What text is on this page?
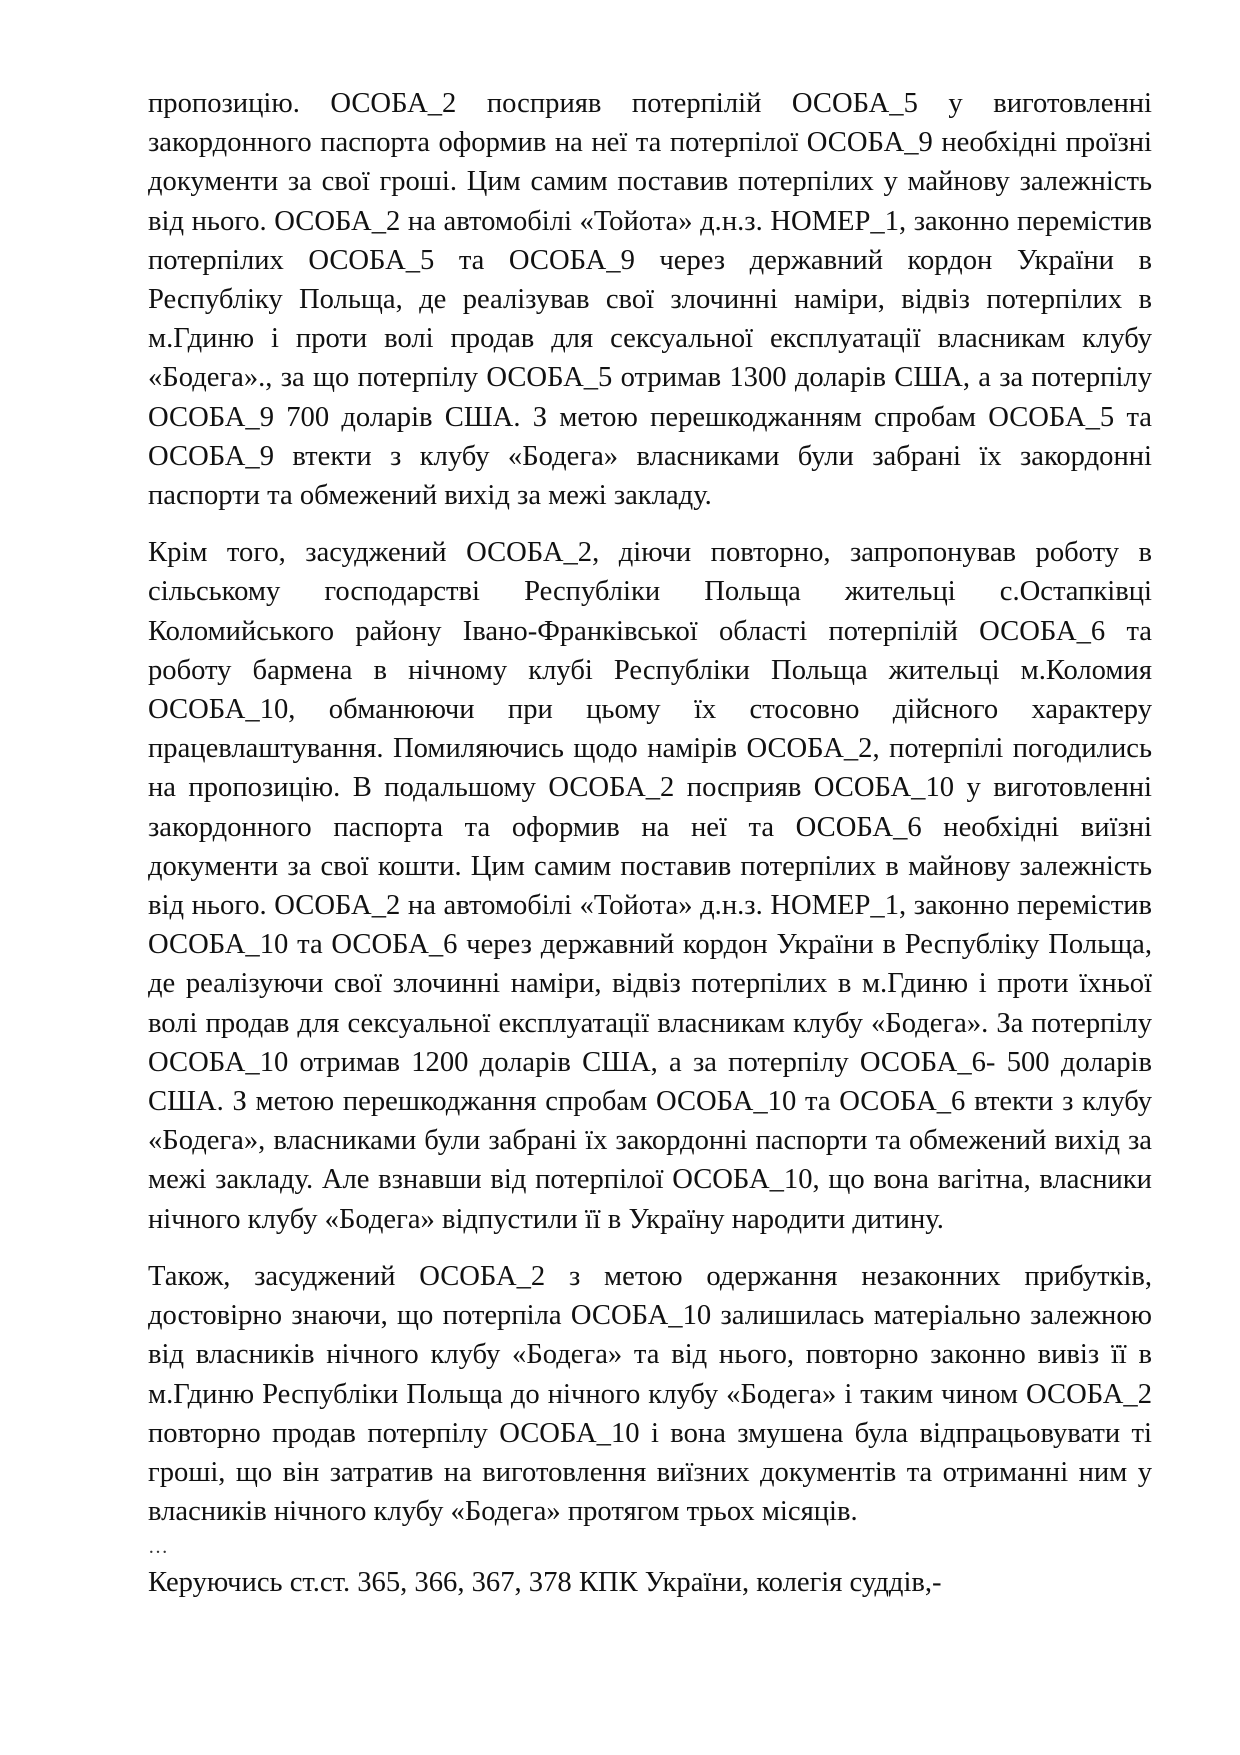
пропозицію. ОСОБА_2 посприяв потерпілій ОСОБА_5 у виготовленні закордонного паспорта оформив на неї та потерпілої ОСОБА_9 необхідні проїзні документи за свої гроші. Цим самим поставив потерпілих у майнову залежність від нього. ОСОБА_2 на автомобілі «Тойота» д.н.з. НОМЕР_1, законно перемістив потерпілих ОСОБА_5 та ОСОБА_9 через державний кордон України в Республіку Польща, де реалізував свої злочинні наміри, відвіз потерпілих в м.Гдиню і проти волі продав для сексуальної експлуатації власникам клубу «Бодега»., за що потерпілу ОСОБА_5 отримав 1300 доларів США, а за потерпілу ОСОБА_9 700 доларів США. З метою перешкоджанням спробам ОСОБА_5 та ОСОБА_9 втекти з клубу «Бодега» власниками були забрані їх закордонні паспорти та обмежений вихід за межі закладу.

Крім того, засуджений ОСОБА_2, діючи повторно, запропонував роботу в сільському господарстві Республіки Польща жительці с.Остапківці Коломийського району Івано-Франківської області потерпілій ОСОБА_6 та роботу бармена в нічному клубі Республіки Польща жительці м.Коломия ОСОБА_10, обманюючи при цьому їх стосовно дійсного характеру працевлаштування. Помиляючись щодо намірів ОСОБА_2, потерпілі погодились на пропозицію. В подальшому ОСОБА_2 посприяв ОСОБА_10 у виготовленні закордонного паспорта та оформив на неї та ОСОБА_6 необхідні виїзні документи за свої кошти. Цим самим поставив потерпілих в майнову залежність від нього. ОСОБА_2 на автомобілі «Тойота» д.н.з. НОМЕР_1, законно перемістив ОСОБА_10 та ОСОБА_6 через державний кордон України в Республіку Польща, де реалізуючи свої злочинні наміри, відвіз потерпілих в м.Гдиню і проти їхньої волі продав для сексуальної експлуатації власникам клубу «Бодега». За потерпілу ОСОБА_10 отримав 1200 доларів США, а за потерпілу ОСОБА_6- 500 доларів США. З метою перешкоджання спробам ОСОБА_10 та ОСОБА_6 втекти з клубу «Бодега», власниками були забрані їх закордонні паспорти та обмежений вихід за межі закладу. Але взнавши від потерпілої ОСОБА_10, що вона вагітна, власники нічного клубу «Бодега» відпустили її в Україну народити дитину.

Також, засуджений ОСОБА_2 з метою одержання незаконних прибутків, достовірно знаючи, що потерпіла ОСОБА_10 залишилась матеріально залежною від власників нічного клубу «Бодега» та від нього, повторно законно вивіз її в м.Гдиню Республіки Польща до нічного клубу «Бодега» і таким чином ОСОБА_2 повторно продав потерпілу ОСОБА_10 і вона змушена була відпрацьовувати ті гроші, що він затратив на виготовлення виїзних документів та отриманні ним у власників нічного клубу «Бодега» протягом трьох місяців.

…

Керуючись ст.ст. 365, 366, 367, 378 КПК України, колегія суддів,-
